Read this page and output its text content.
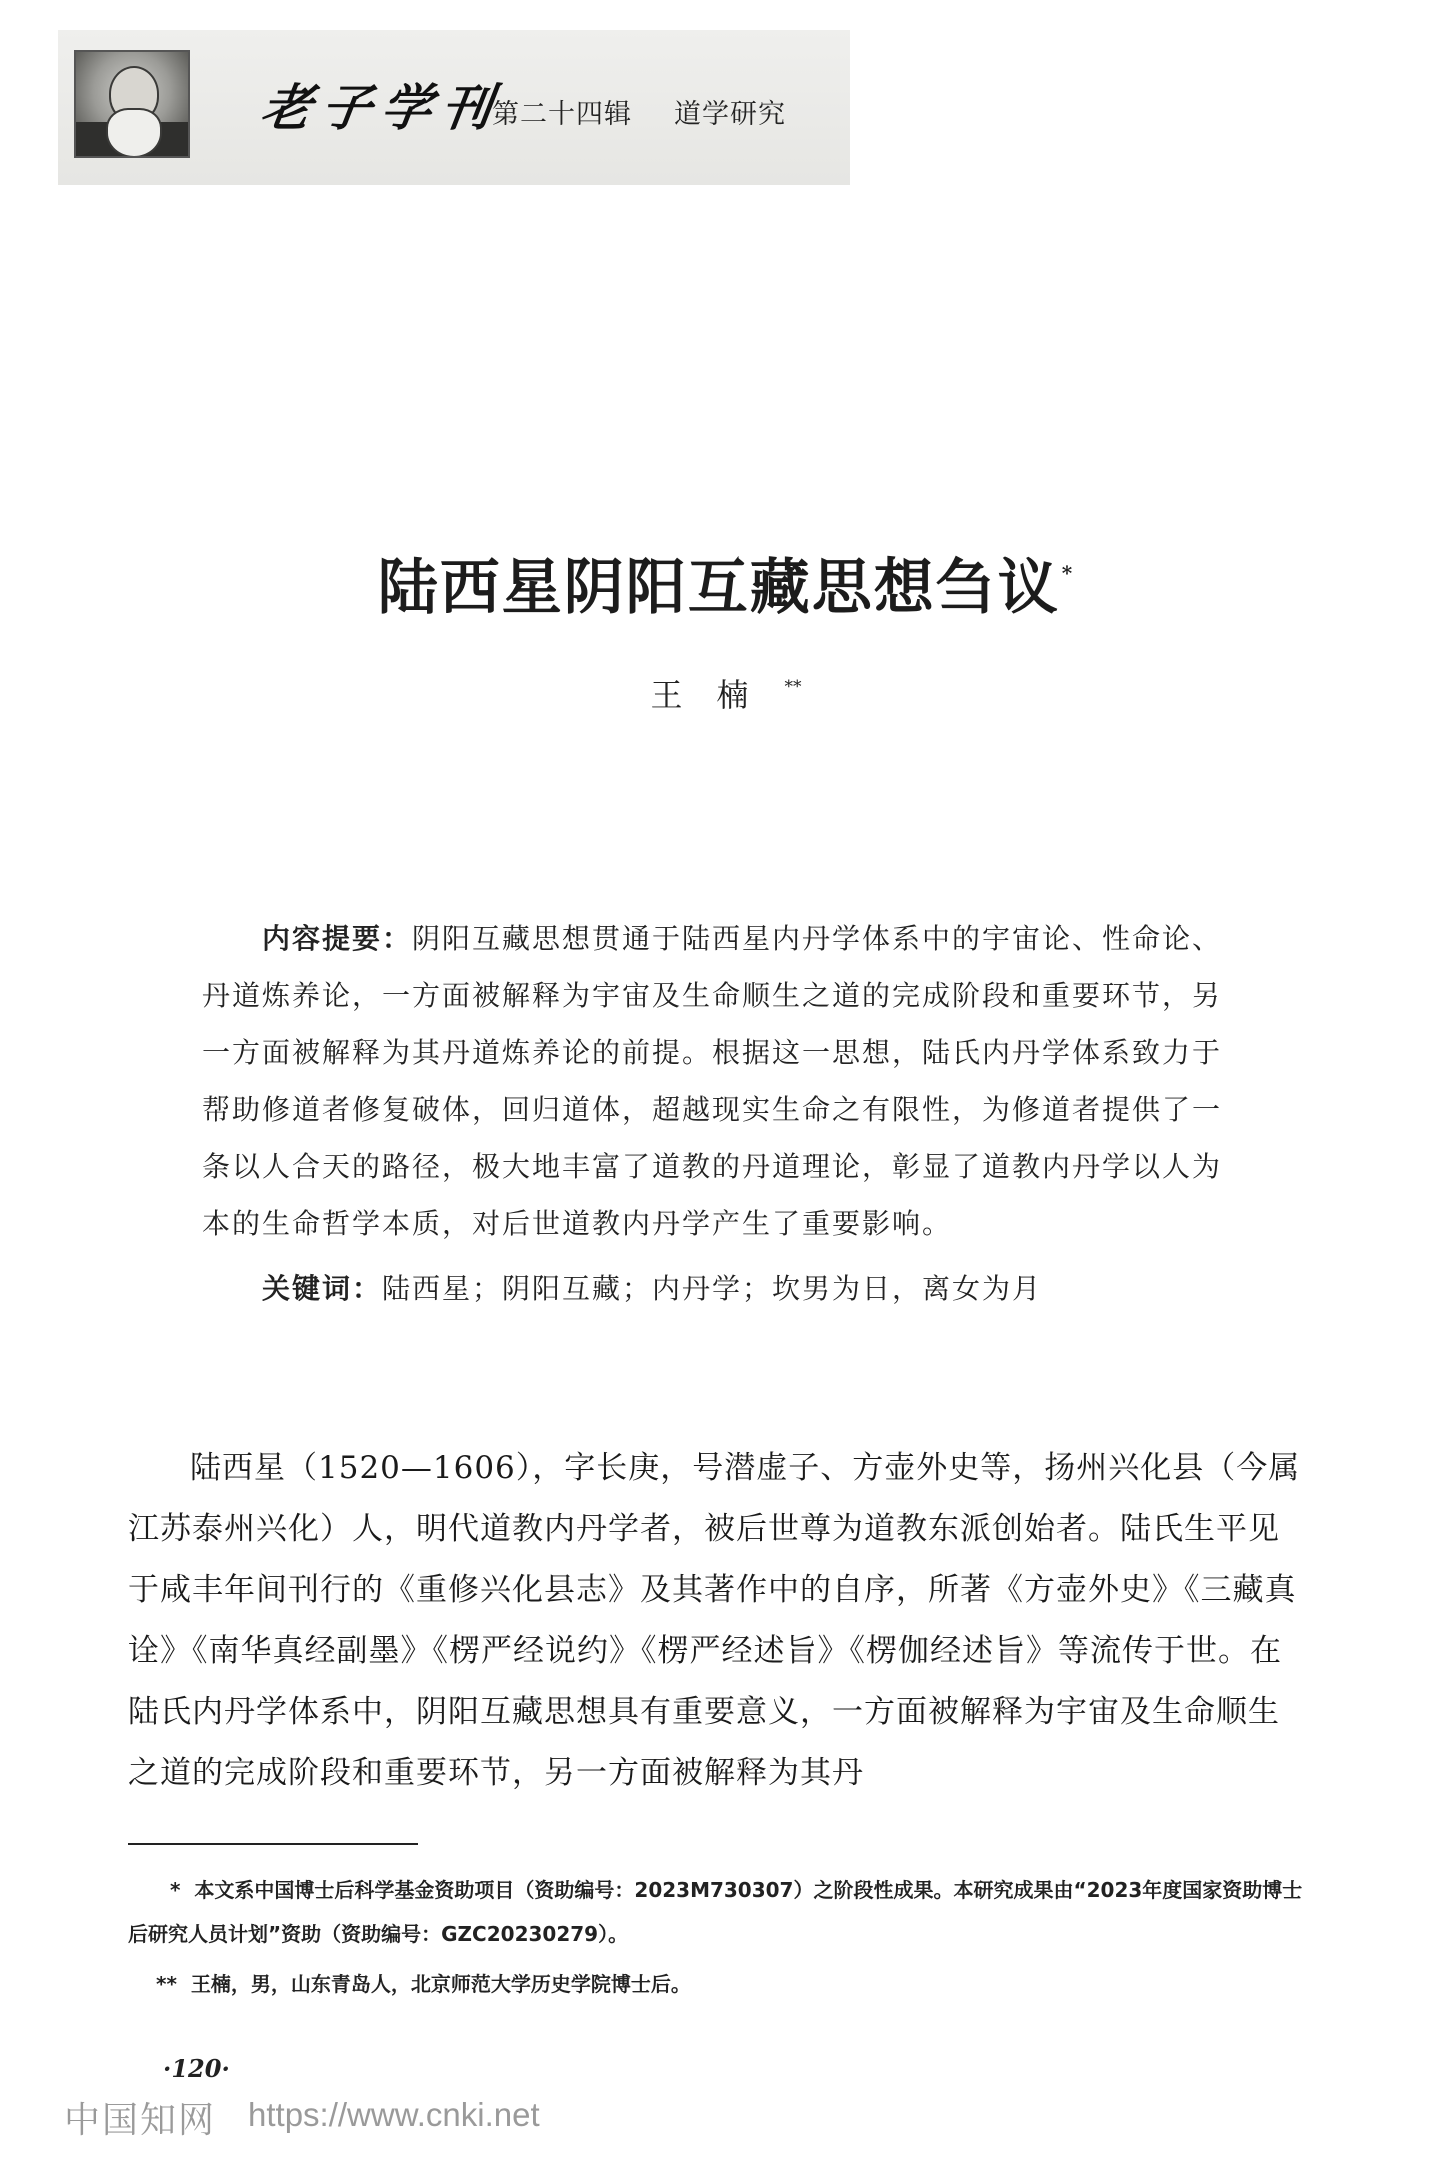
老子学刊
第二十四辑 道学研究
陆西星阴阳互藏思想刍议 *
王楠 **

内容提要：阴阳互藏思想贯通于陆西星内丹学体系中的宇宙论、性命论、丹道炼养论，一方面被解释为宇宙及生命顺生之道的完成阶段和重要环节，另一方面被解释为其丹道炼养论的前提。根据这一思想，陆氏内丹学体系致力于帮助修道者修复破体，回归道体，超越现实生命之有限性，为修道者提供了一条以人合天的路径，极大地丰富了道教的丹道理论，彰显了道教内丹学以人为本的生命哲学本质，对后世道教内丹学产生了重要影响。

关键词：陆西星；阴阳互藏；内丹学；坎男为日，离女为月

陆西星（1520—1606），字长庚，号潜虚子、方壶外史等，扬州兴化县（今属江苏泰州兴化）人，明代道教内丹学者，被后世尊为道教东派创始者。陆氏生平见于咸丰年间刊行的《重修兴化县志》及其著作中的自序，所著《方壶外史》《三藏真诠》《南华真经副墨》《楞严经说约》《楞严经述旨》《楞伽经述旨》等流传于世。在陆氏内丹学体系中，阴阳互藏思想具有重要意义，一方面被解释为宇宙及生命顺生之道的完成阶段和重要环节，另一方面被解释为其丹

* 本文系中国博士后科学基金资助项目（资助编号：2023M730307）之阶段性成果。本研究成果由“2023年度国家资助博士后研究人员计划”资助（资助编号：GZC20230279）。

** 王楠，男，山东青岛人，北京师范大学历史学院博士后。

·120·
中国知网 https://www.cnki.net
